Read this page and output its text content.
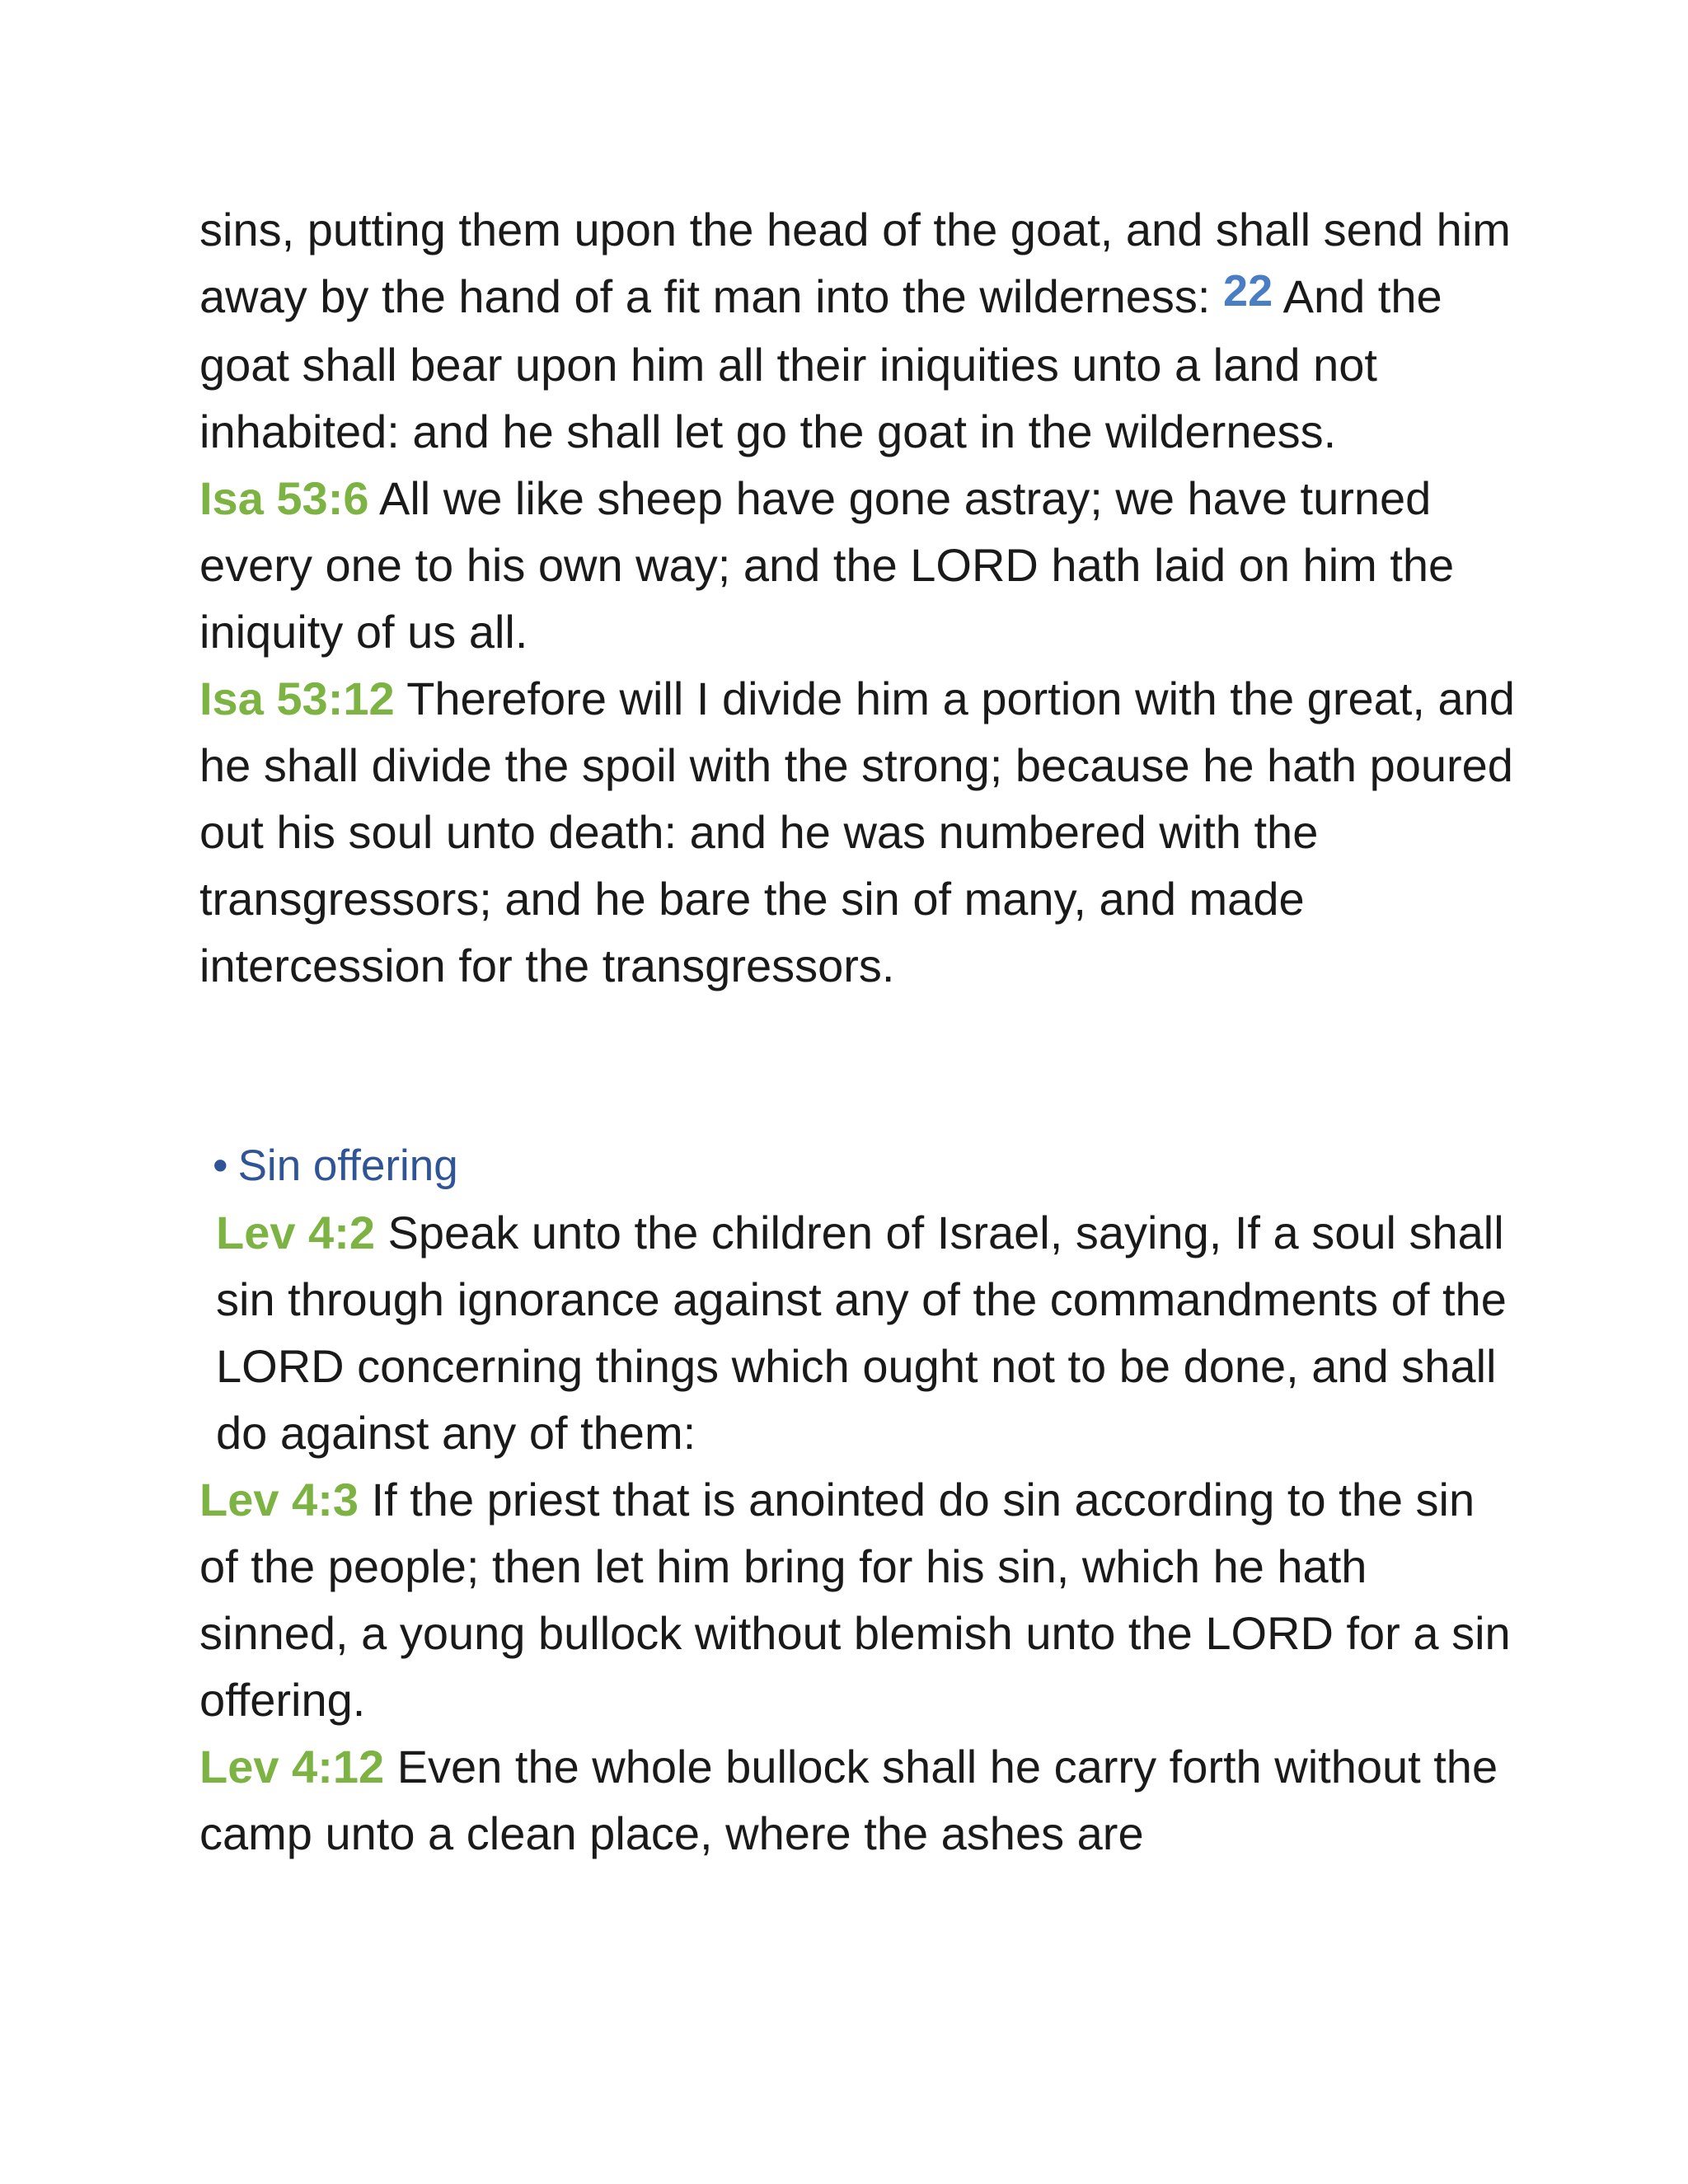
sins, putting them upon the head of the goat, and shall send him away by the hand of a fit man into the wilderness: 22 And the goat shall bear upon him all their iniquities unto a land not inhabited: and he shall let go the goat in the wilderness.

Isa 53:6 All we like sheep have gone astray; we have turned every one to his own way; and the LORD hath laid on him the iniquity of us all.

Isa 53:12 Therefore will I divide him a portion with the great, and he shall divide the spoil with the strong; because he hath poured out his soul unto death: and he was numbered with the transgressors; and he bare the sin of many, and made intercession for the transgressors.

• Sin offering

Lev 4:2 Speak unto the children of Israel, saying, If a soul shall sin through ignorance against any of the commandments of the LORD concerning things which ought not to be done, and shall do against any of them:

Lev 4:3 If the priest that is anointed do sin according to the sin of the people; then let him bring for his sin, which he hath sinned, a young bullock without blemish unto the LORD for a sin offering.

Lev 4:12 Even the whole bullock shall he carry forth without the camp unto a clean place, where the ashes are
